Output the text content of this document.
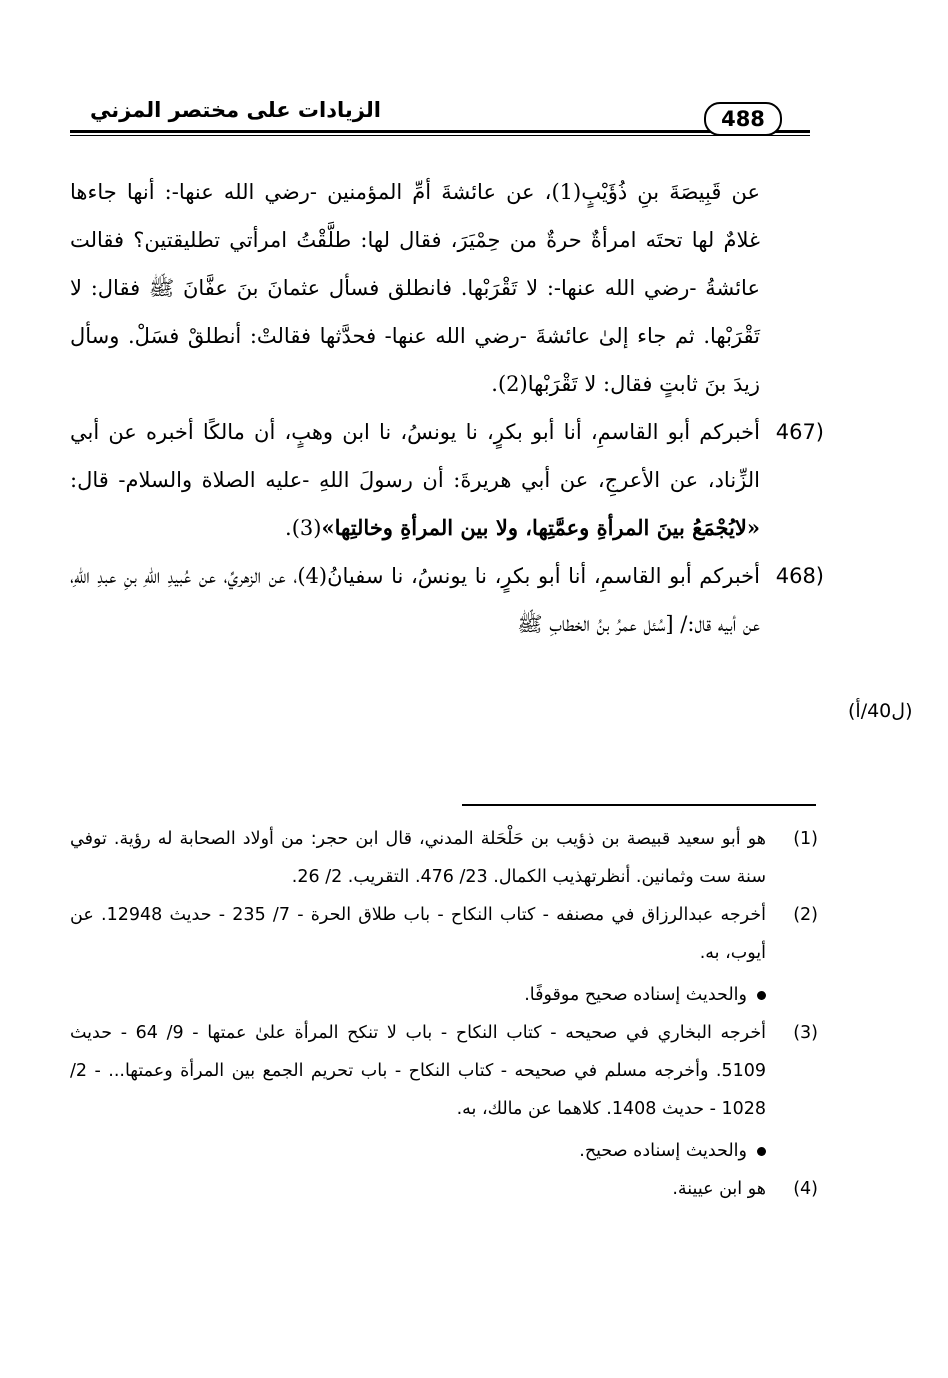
الزيادات على مختصر المزني	488

عن قَبِيصَةَ بنِ ذُؤَيْبٍ(1)، عن عائشةَ أمِّ المؤمنين -رضي الله عنها-: أنها جاءها غلامٌ لها تحتَه امرأةٌ حرةٌ من حِمْيَرَ، فقال لها: طلَّقْتُ امرأتي تطليقتين؟ فقالت عائشةُ -رضي الله عنها-: لا تَقْرَبْها. فانطلق فسأل عثمانَ بنَ عفَّانَ ﷺ فقال: لا تَقْرَبْها. ثم جاء إلىٰ عائشةَ -رضي الله عنها- فحدَّثها فقالتْ: أنطلقْ فسَلْ. وسأل زيدَ بنَ ثابتٍ فقال: لا تَقْرَبْها(2).

467)
أخبركم أبو القاسمِ، أنا أبو بكرٍ، نا يونسُ، نا ابن وهبٍ، أن مالكًا أخبره عن أبي الزِّناد، عن الأعرجِ، عن أبي هريرةَ: أن رسولَ اللهِ -عليه الصلاة والسلام- قال: «لايُجْمَعُ بينَ المرأةِ وعمَّتِها، ولا بين المرأةِ وخالتِها»(3).

468)
أخبركم أبو القاسمِ، أنا أبو بكرٍ، نا يونسُ، نا سفيانُ(4)، عن الزهريِّ، عن عُبيدِ اللهِ بنِ عبدِ اللهِ، عن أبيه قال:/ [سُئل عمرُ بنُ الخطابِ ﷺ

(ل40/أ)

(1)
هو أبو سعيد قبيصة بن ذؤيب بن حَلْحَلة المدني، قال ابن حجر: من أولاد الصحابة له رؤية. توفي سنة ست وثمانين. أنظرتهذيب الكمال. 23/ 476. التقريب. 2/ 26.

(2)
أخرجه عبدالرزاق في مصنفه - كتاب النكاح - باب طلاق الحرة - 7/ 235 - حديث 12948. عن أيوب، به.

والحديث إسناده صحيح موقوفًا.

(3)
أخرجه البخاري في صحيحه - كتاب النكاح - باب لا تنكح المرأة علىٰ عمتها - 9/ 64 - حديث 5109. وأخرجه مسلم في صحيحه - كتاب النكاح - باب تحريم الجمع بين المرأة وعمتها... - 2/ 1028 - حديث 1408. كلاهما عن مالك، به.

والحديث إسناده صحيح.

(4)
هو ابن عيينة.
